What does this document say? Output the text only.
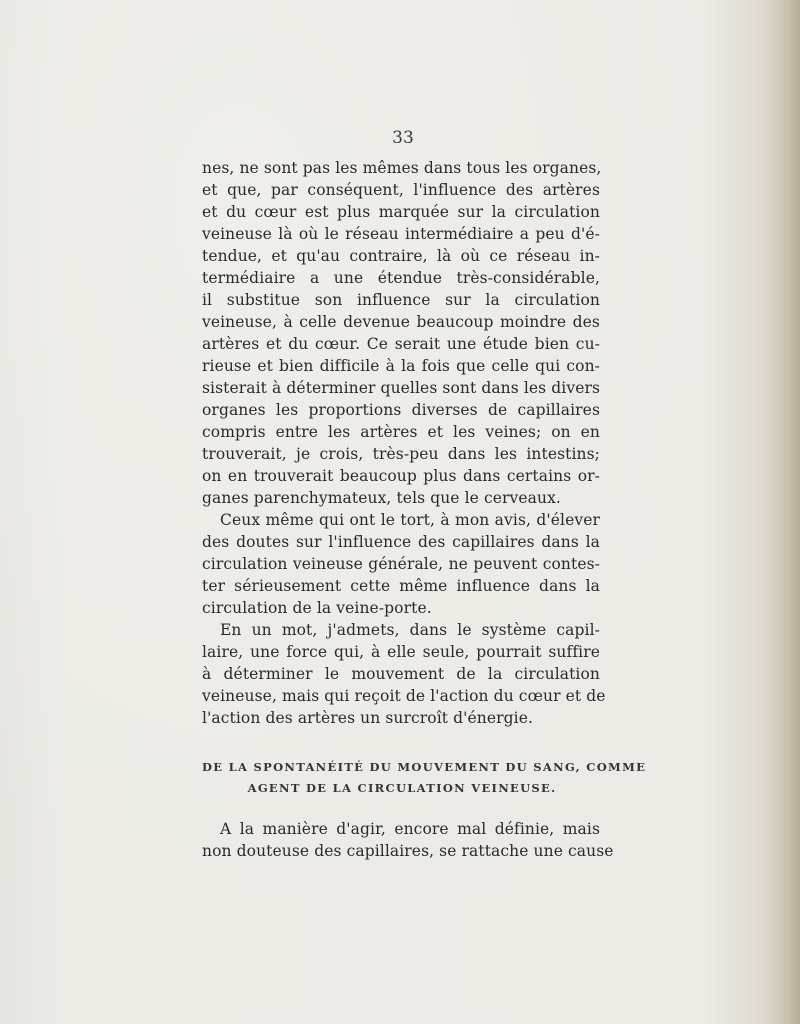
33
nes, ne sont pas les mêmes dans tous les organes,
et que, par conséquent, l'influence des artères
et du cœur est plus marquée sur la circulation
veineuse là où le réseau intermédiaire a peu d'é-
tendue, et qu'au contraire, là où ce réseau in-
termédiaire a une étendue très-considérable,
il substitue son influence sur la circulation
veineuse, à celle devenue beaucoup moindre des
artères et du cœur. Ce serait une étude bien cu-
rieuse et bien difficile à la fois que celle qui con-
sisterait à déterminer quelles sont dans les divers
organes les proportions diverses de capillaires
compris entre les artères et les veines; on en
trouverait, je crois, très-peu dans les intestins;
on en trouverait beaucoup plus dans certains or-
ganes parenchymateux, tels que le cerveaux.
Ceux même qui ont le tort, à mon avis, d'élever
des doutes sur l'influence des capillaires dans la
circulation veineuse générale, ne peuvent contes-
ter sérieusement cette même influence dans la
circulation de la veine-porte.
En un mot, j'admets, dans le système capil-
laire, une force qui, à elle seule, pourrait suffire
à déterminer le mouvement de la circulation
veineuse, mais qui reçoit de l'action du cœur et de
l'action des artères un surcroît d'énergie.
DE LA SPONTANÉITÉ DU MOUVEMENT DU SANG, COMME
AGENT DE LA CIRCULATION VEINEUSE.
A la manière d'agir, encore mal définie, mais
non douteuse des capillaires, se rattache une cause
